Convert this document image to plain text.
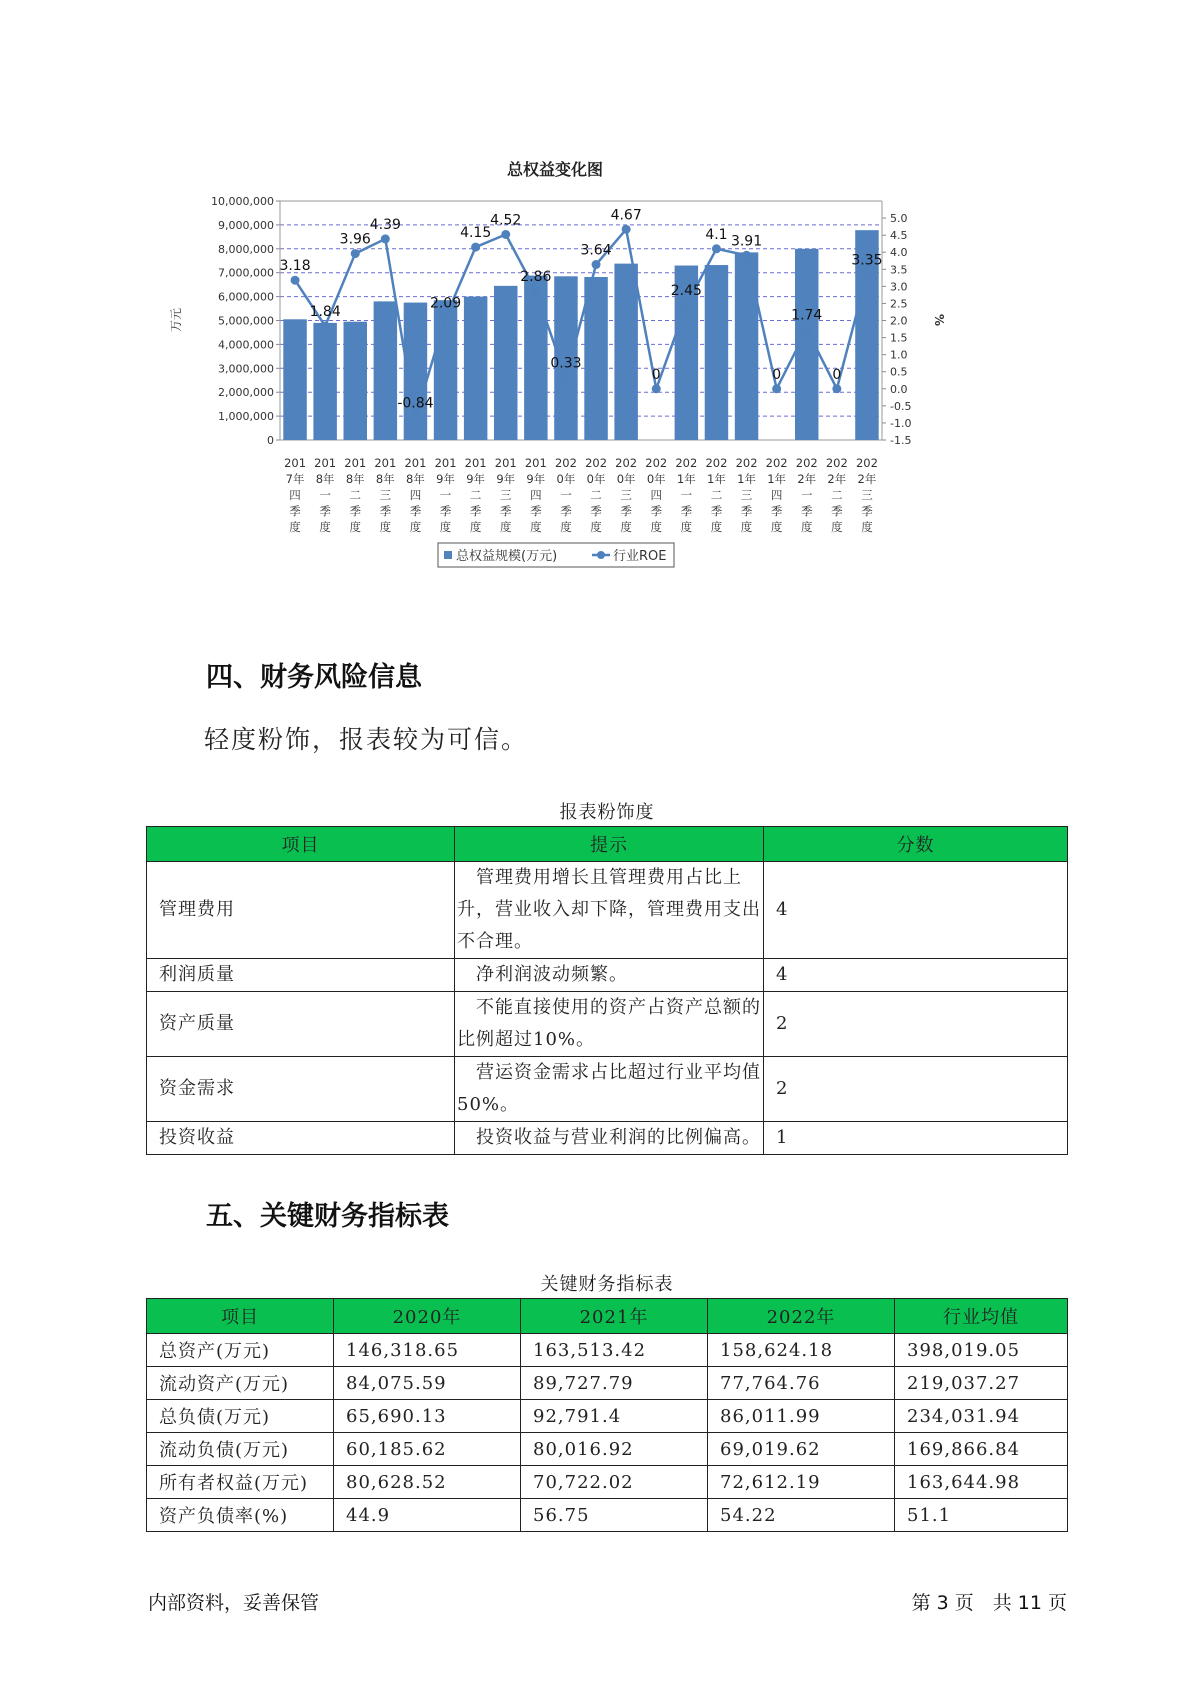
总权益变化图
0
1,000,000
2,000,000
3,000,000
4,000,000
5,000,000
6,000,000
7,000,000
8,000,000
9,000,000
10,000,000
-1.5
-1.0
-0.5
0.0
0.5
1.0
1.5
2.0
2.5
3.0
3.5
4.0
4.5
5.0
万元	%
3.18
1.84
3.96
4.39
-0.84
2.09
4.15
4.52
2.86
0.33
3.64
4.67
0
2.45
4.1 3.91
0
1.74
0
3.35
201
7年
四
季
度
201
8年
一
季
度
201
8年
二
季
度
201
8年
三
季
度
201
8年
四
季
度
201
9年
一
季
度
201
9年
二
季
度
201
9年
三
季
度
201
9年
四
季
度
202
0年
一
季
度
202
0年
二
季
度
202
0年
三
季
度
202
0年
四
季
度
202
1年
一
季
度
202
1年
二
季
度
202
1年
三
季
度
202
1年
四
季
度
202
2年
一
季
度
202
2年
二
季
度
202
2年
三
季
度
总权益规模(万元)	行业ROE
四、财务风险信息
轻度粉饰，报表较为可信。
报表粉饰度
项目	提示	分数
管理费用	　管理费用增长且管理费用占比上升，营业收入却下降，管理费用支出不合理。	4
利润质量	　净利润波动频繁。	4
资产质量	　不能直接使用的资产占资产总额的比例超过10%。	2
资金需求	　营运资金需求占比超过行业平均值50%。	2
投资收益	　投资收益与营业利润的比例偏高。	1
五、关键财务指标表
关键财务指标表
项目	2020年	2021年	2022年	行业均值
总资产(万元)	146,318.65	163,513.42	158,624.18	398,019.05
流动资产(万元)	84,075.59	89,727.79	77,764.76	219,037.27
总负债(万元)	65,690.13	92,791.4	86,011.99	234,031.94
流动负债(万元)	60,185.62	80,016.92	69,019.62	169,866.84
所有者权益(万元)	80,628.52	70,722.02	72,612.19	163,644.98
资产负债率(%)	44.9	56.75	54.22	51.1
内部资料，妥善保管	第 3 页　共 11 页
